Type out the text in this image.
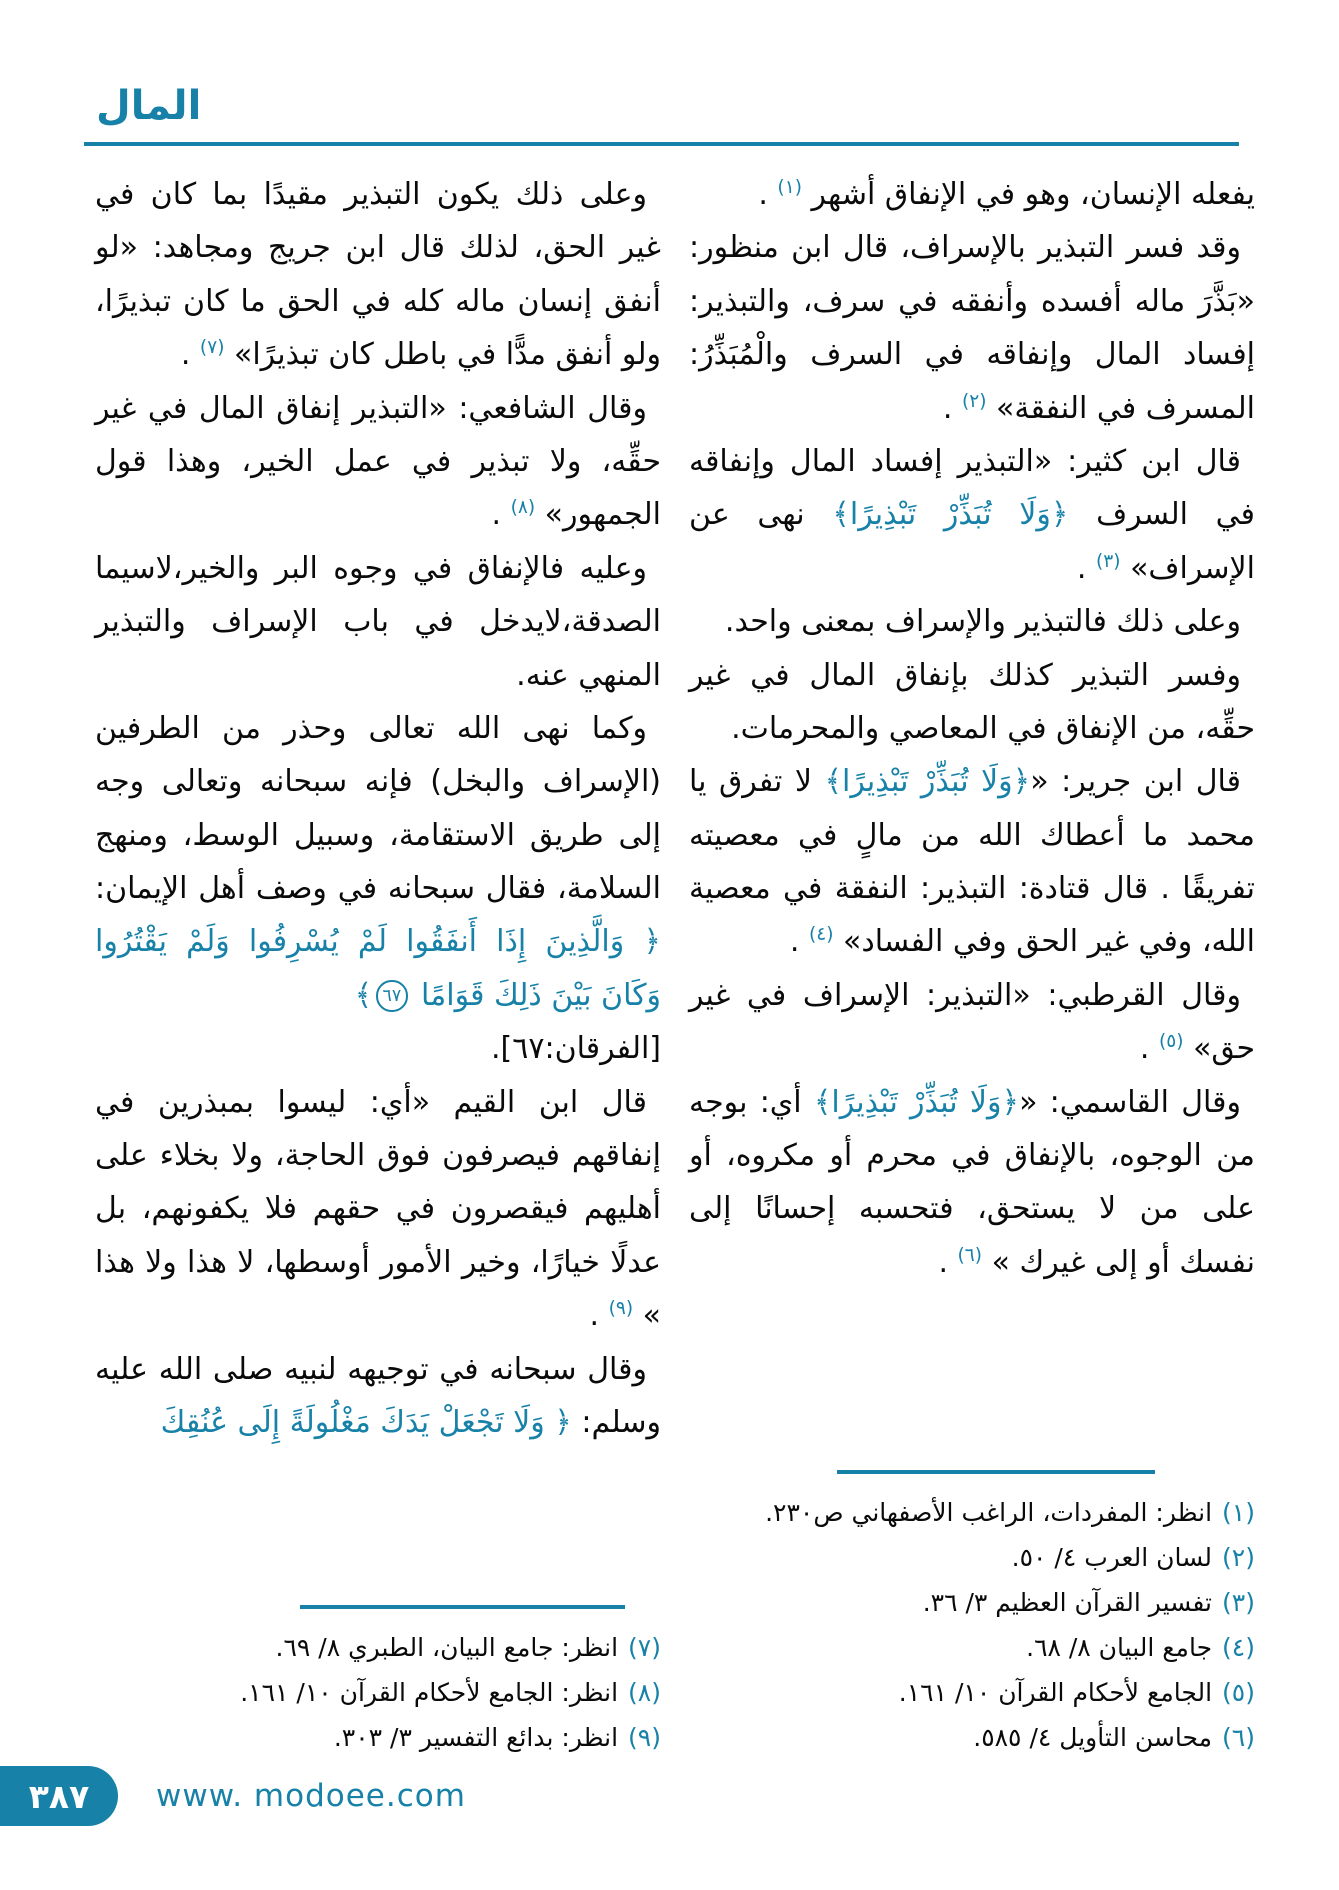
المال

يفعله الإنسان، وهو في الإنفاق أشهر $^{(١)}$ .

وقد فسر التبذير بالإسراف، قال ابن منظور: «بَذَّرَ ماله أفسده وأنفقه في سرف، والتبذير: إفساد المال وإنفاقه في السرف والْمُبَذِّرُ: المسرف في النفقة» $^{(٢)}$ .

قال ابن كثير: «التبذير إفساد المال وإنفاقه في السرف ﴿وَلَا تُبَذِّرْ تَبْذِيرًا﴾ نهى عن الإسراف» $^{(٣)}$ .

وعلى ذلك فالتبذير والإسراف بمعنى واحد.

وفسر التبذير كذلك بإنفاق المال في غير حقِّه، من الإنفاق في المعاصي والمحرمات.

قال ابن جرير: «﴿وَلَا تُبَذِّرْ تَبْذِيرًا﴾ لا تفرق يا محمد ما أعطاك الله من مالٍ في معصيته تفريقًا . قال قتادة: التبذير: النفقة في معصية الله، وفي غير الحق وفي الفساد» $^{(٤)}$ .

وقال القرطبي: «التبذير: الإسراف في غير حق» $^{(٥)}$ .

وقال القاسمي: «﴿وَلَا تُبَذِّرْ تَبْذِيرًا﴾ أي: بوجه من الوجوه، بالإنفاق في محرم أو مكروه، أو على من لا يستحق، فتحسبه إحسانًا إلى نفسك أو إلى غيرك » $^{(٦)}$ .

(١)
انظر: المفردات، الراغب الأصفهاني ص٢٣٠.
(٢)
لسان العرب ٤/ ٥٠.
(٣)
تفسير القرآن العظيم ٣/ ٣٦.
(٤)
جامع البيان ٨/ ٦٨.
(٥)
الجامع لأحكام القرآن ١٠/ ١٦١.
(٦)
محاسن التأويل ٤/ ٥٨٥.

وعلى ذلك يكون التبذير مقيدًا بما كان في غير الحق، لذلك قال ابن جريج ومجاهد: «لو أنفق إنسان ماله كله في الحق ما كان تبذيرًا، ولو أنفق مدًّا في باطل كان تبذيرًا» $^{(٧)}$ .

وقال الشافعي: «التبذير إنفاق المال في غير حقِّه، ولا تبذير في عمل الخير، وهذا قول الجمهور» $^{(٨)}$ .

وعليه فالإنفاق في وجوه البر والخير،لاسيما الصدقة،لايدخل في باب الإسراف والتبذير المنهي عنه.

وكما نهى الله تعالى وحذر من الطرفين (الإسراف والبخل) فإنه سبحانه وتعالى وجه إلى طريق الاستقامة، وسبيل الوسط، ومنهج السلامة، فقال سبحانه في وصف أهل الإيمان: ﴿ وَالَّذِينَ إِذَا أَنفَقُوا لَمْ يُسْرِفُوا وَلَمْ يَقْتُرُوا وَكَانَ بَيْنَ ذَلِكَ قَوَامًا ٦٧﴾
[الفرقان:٦٧].

قال ابن القيم «أي: ليسوا بمبذرين في إنفاقهم فيصرفون فوق الحاجة، ولا بخلاء على أهليهم فيقصرون في حقهم فلا يكفونهم، بل عدلًا خيارًا، وخير الأمور أوسطها، لا هذا ولا هذا » $^{(٩)}$ .

وقال سبحانه في توجيهه لنبيه صلى الله عليه وسلم: ﴿ وَلَا تَجْعَلْ يَدَكَ مَغْلُولَةً إِلَى عُنُقِكَ

(٧)
انظر: جامع البيان، الطبري ٨/ ٦٩.
(٨)
انظر: الجامع لأحكام القرآن ١٠/ ١٦١.
(٩)
انظر: بدائع التفسير ٣/ ٣٠٣.
٣٨٧ www. modoee.com
